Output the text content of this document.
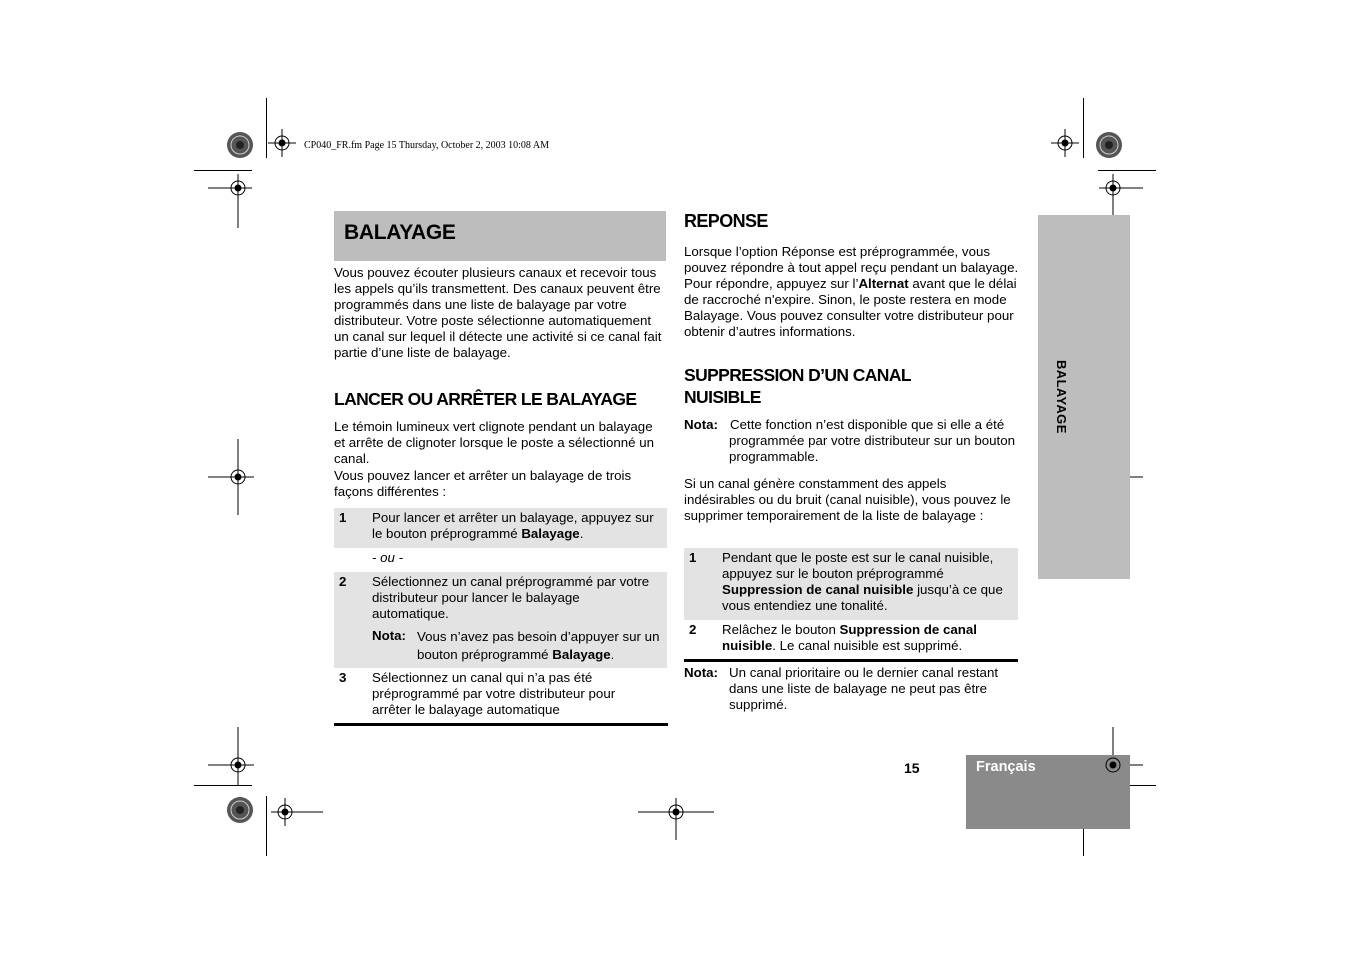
CP040_FR.fm Page 15 Thursday, October 2, 2003 10:08 AM
BALAYAGE

Vous pouvez écouter plusieurs canaux et recevoir tous les appels qu’ils transmettent. Des canaux peuvent être programmés dans une liste de balayage par votre distributeur. Votre poste sélectionne automatiquement un canal sur lequel il détecte une activité si ce canal fait partie d’une liste de balayage.

LANCER OU ARRÊTER LE BALAYAGE

Le témoin lumineux vert clignote pendant un balayage et arrête de clignoter lorsque le poste a sélectionné un canal.

Vous pouvez lancer et arrêter un balayage de trois façons différentes :

1 Pour lancer et arrêter un balayage, appuyez sur le bouton préprogrammé Balayage.
- ou -
2 Sélectionnez un canal préprogrammé par votre distributeur pour lancer le balayage automatique.
Nota: Vous n’avez pas besoin d’appuyer sur un bouton préprogrammé Balayage.
3 Sélectionnez un canal qui n’a pas été préprogrammé par votre distributeur pour arrêter le balayage automatique
REPONSE

Lorsque l’option Réponse est préprogrammée, vous pouvez répondre à tout appel reçu pendant un balayage. Pour répondre, appuyez sur l’Alternat avant que le délai de raccroché n'expire. Sinon, le poste restera en mode Balayage. Vous pouvez consulter votre distributeur pour obtenir d’autres informations.

SUPPRESSION D’UN CANAL
NUISIBLE
Nota: Cette fonction n’est disponible que si elle a été programmée par votre distributeur sur un bouton programmable.

Si un canal génère constamment des appels indésirables ou du bruit (canal nuisible), vous pouvez le supprimer temporairement de la liste de balayage :

1 Pendant que le poste est sur le canal nuisible, appuyez sur le bouton préprogrammé Suppression de canal nuisible jusqu’à ce que vous entendiez une tonalité.
2 Relâchez le bouton Suppression de canal nuisible. Le canal nuisible est supprimé.
Nota: Un canal prioritaire ou le dernier canal restant dans une liste de balayage ne peut pas être supprimé.
BALAYAGE
15	Français
